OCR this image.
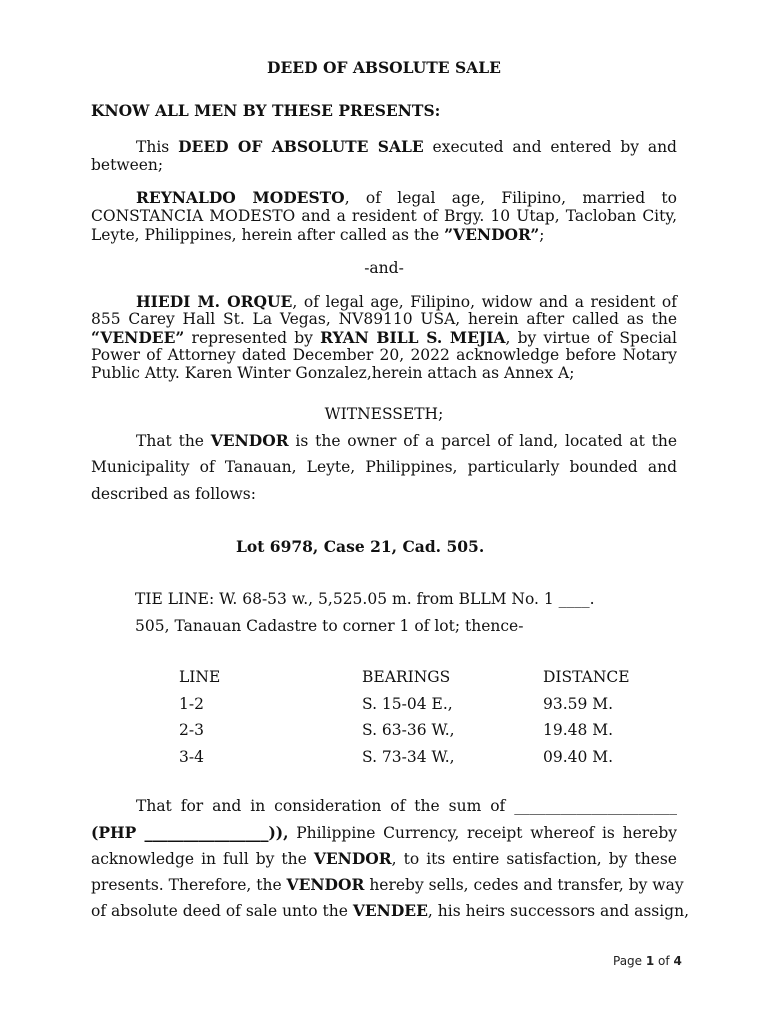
DEED OF ABSOLUTE SALE
KNOW ALL MEN BY THESE PRESENTS:
This DEED OF ABSOLUTE SALE executed and entered by and
between;
REYNALDO MODESTO, of legal age, Filipino, married to
CONSTANCIA MODESTO and a resident of Brgy. 10 Utap, Tacloban City,
Leyte, Philippines, herein after called as the ”VENDOR”;
-and-
HIEDI M. ORQUE, of legal age, Filipino, widow and a resident of
855 Carey Hall St. La Vegas, NV89110 USA, herein after called as the
“VENDEE” represented by RYAN BILL S. MEJIA, by virtue of Special
Power of Attorney dated December 20, 2022 acknowledge before Notary
Public Atty. Karen Winter Gonzalez,herein attach as Annex A;
WITNESSETH;
That the VENDOR is the owner of a parcel of land, located at the
Municipality of Tanauan, Leyte, Philippines, particularly bounded and
described as follows:
Lot 6978, Case 21, Cad. 505.
TIE LINE: W. 68-53 w., 5,525.05 m. from BLLM No. 1 ____.
505, Tanauan Cadastre to corner 1 of lot; thence-
LINE	BEARINGS	DISTANCE
1-2	S. 15-04 E.,	93.59 M.
2-3	S. 63-36 W.,	19.48 M.
3-4	S. 73-34 W.,	09.40 M.
That for and in consideration of the sum of _____________________
(PHP ________________)), Philippine Currency, receipt whereof is hereby
acknowledge in full by the VENDOR, to its entire satisfaction, by these
presents. Therefore, the VENDOR hereby sells, cedes and transfer, by way
of absolute deed of sale unto the VENDEE, his heirs successors and assign,
Page 1 of 4
